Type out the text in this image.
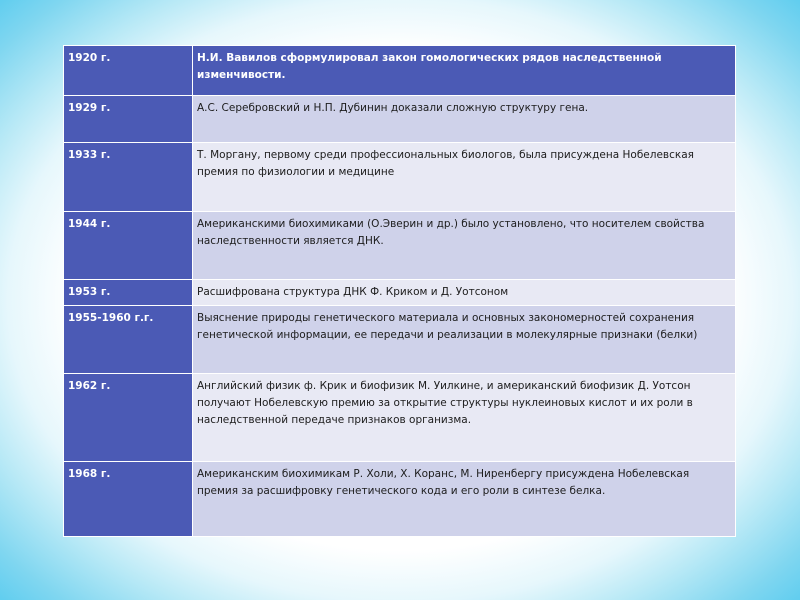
1920 г.	Н.И. Вавилов сформулировал закон гомологических рядов наследственной изменчивости.
1929 г.	А.С. Серебровский и Н.П. Дубинин доказали сложную структуру гена.
1933 г.	Т. Моргану, первому среди профессиональных биологов, была присуждена Нобелевская премия по физиологии и медицине
1944 г.	Американскими биохимиками (О.Эверин и др.) было установлено, что носителем свойства наследственности является ДНК.
1953 г.	Расшифрована структура ДНК Ф. Криком и Д. Уотсоном
1955-1960 г.г.	Выяснение природы генетического материала и основных закономерностей сохранения генетической информации, ее передачи и реализации в молекулярные признаки (белки)
1962 г.	Английский физик ф. Крик и биофизик М. Уилкине, и американский биофизик Д. Уотсон получают Нобелевскую премию за открытие структуры нуклеиновых кислот и их роли в наследственной передаче признаков организма.
1968 г.	Американским биохимикам Р. Холи, Х. Коранс, М. Ниренбергу присуждена Нобелевская премия за расшифровку генетического кода и его роли в синтезе белка.
